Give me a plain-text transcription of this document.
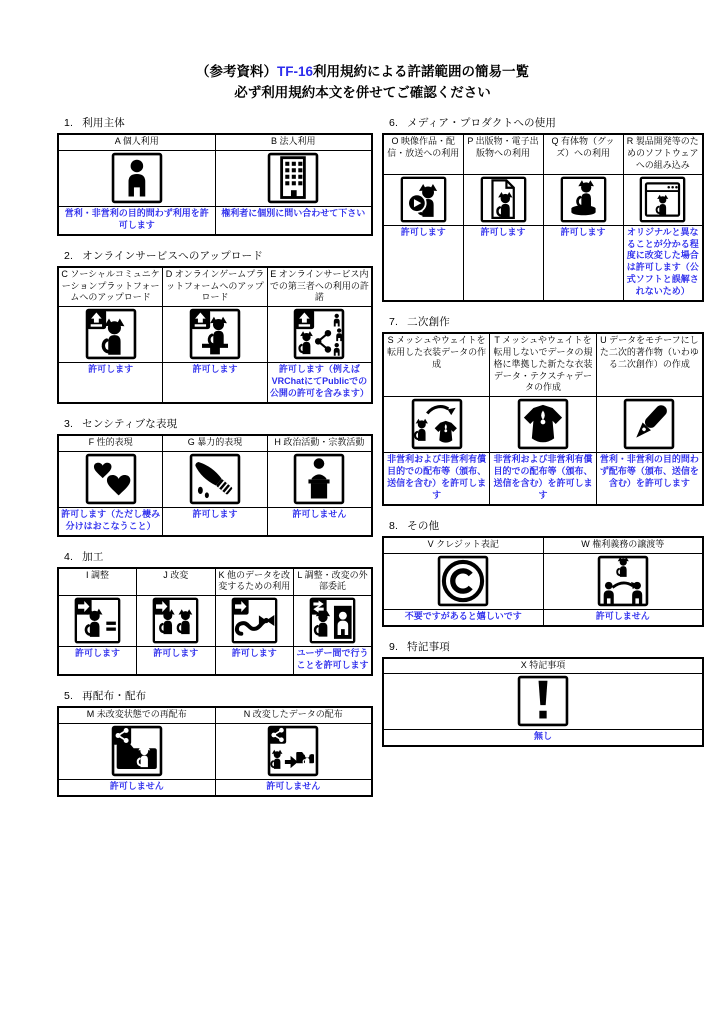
（参考資料）TF-16利用規約による許諾範囲の簡易一覧
必ず利用規約本文を併せてご確認ください
1. 利用主体
A 個人利用	B 法人利用

営利・非営利の目的問わず利用を許可します	権利者に個別に問い合わせて下さい
2. オンラインサービスへのアップロード
C ソーシャルコミュニケーションプラットフォームへのアップロード	D オンラインゲームプラットフォームへのアップロード	E オンラインサービス内での第三者への利用の許諾

許可します	許可します	許可します（例えばVRChatにてPublicでの公開の許可を含みます）
3. センシティブな表現
F 性的表現	G 暴力的表現	H 政治活動・宗教活動

許可します（ただし棲み分けはおこなうこと）	許可します	許可しません
4. 加工
I 調整	J 改変	K 他のデータを改変するための利用	L 調整・改変の外部委託

許可します	許可します	許可します	ユーザー間で行うことを許可します
5. 再配布・配布
M 未改変状態での再配布	N 改変したデータの配布

許可しません	許可しません
6. メディア・プロダクトへの使用
O 映像作品・配信・放送への利用	P 出版物・電子出版物への利用	Q 有体物（グッズ）への利用	R 製品開発等のためのソフトウェアへの組み込み

許可します	許可します	許可します	オリジナルと異なることが分かる程度に改変した場合は許可します（公式ソフトと誤解されないため）
7. 二次創作
S メッシュやウェイトを転用した衣装データの作成	T メッシュやウェイトを転用しないでデータの規格に準拠した新たな衣装データ・テクスチャデータの作成	U データをモチーフにした二次的著作物（いわゆる二次創作）の作成

非営利および非営利有償目的での配布等（頒布、送信を含む）を許可します	非営利および非営利有償目的での配布等（頒布、送信を含む）を許可します	営利・非営利の目的問わず配布等（頒布、送信を含む）を許可します
8. その他
V クレジット表記	W 権利義務の譲渡等

不要ですがあると嬉しいです	許可しません
9. 特記事項
X 特記事項

無し
